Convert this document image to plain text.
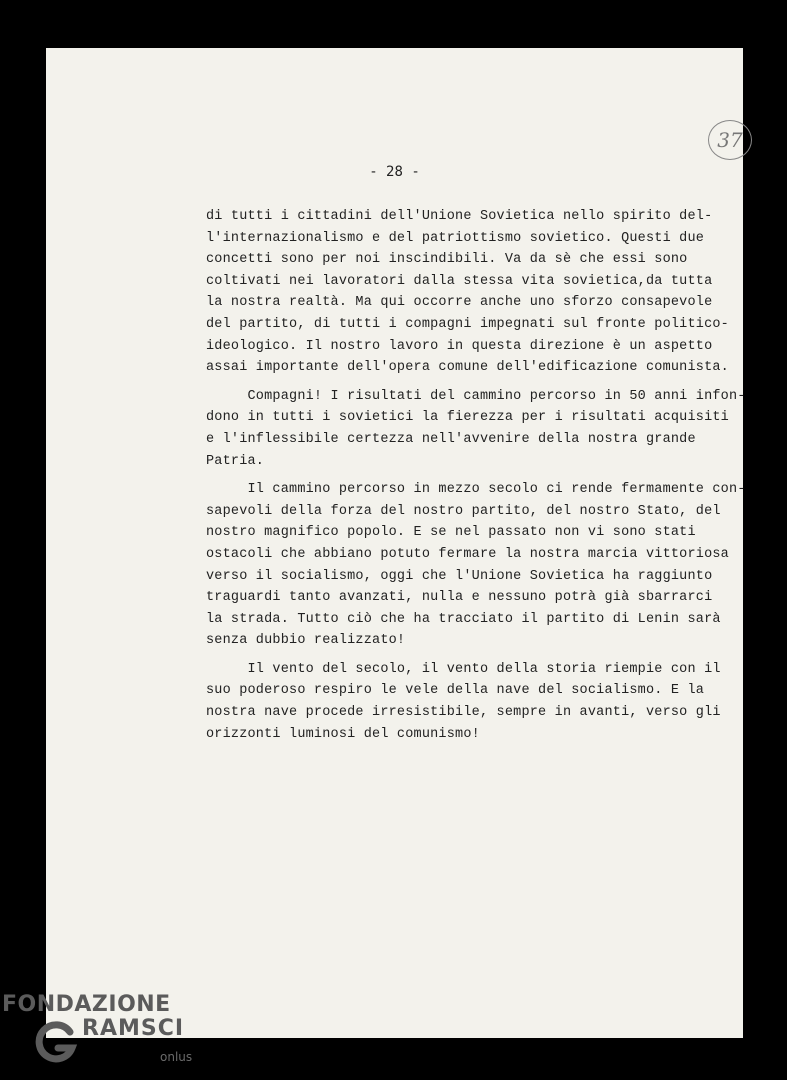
37
- 28 -

di tutti i cittadini dell'Unione Sovietica nello spirito del-
l'internazionalismo e del patriottismo sovietico. Questi due
concetti sono per noi inscindibili. Va da sè che essi sono
coltivati nei lavoratori dalla stessa vita sovietica,da tutta
la nostra realtà. Ma qui occorre anche uno sforzo consapevole
del partito, di tutti i compagni impegnati sul fronte politico-
ideologico. Il nostro lavoro in questa direzione è un aspetto
assai importante dell'opera comune dell'edificazione comunista.

Compagni! I risultati del cammino percorso in 50 anni infon-
dono in tutti i sovietici la fierezza per i risultati acquisiti
e l'inflessibile certezza nell'avvenire della nostra grande
Patria.

Il cammino percorso in mezzo secolo ci rende fermamente con-
sapevoli della forza del nostro partito, del nostro Stato, del
nostro magnifico popolo. E se nel passato non vi sono stati
ostacoli che abbiano potuto fermare la nostra marcia vittoriosa
verso il socialismo, oggi che l'Unione Sovietica ha raggiunto
traguardi tanto avanzati, nulla e nessuno potrà già sbarrarci
la strada. Tutto ciò che ha tracciato il partito di Lenin sarà
senza dubbio realizzato!

Il vento del secolo, il vento della storia riempie con il
suo poderoso respiro le vele della nave del socialismo. E la
nostra nave procede irresistibile, sempre in avanti, verso gli
orizzonti luminosi del comunismo!

FONDAZIONE
RAMSCI
onlus
